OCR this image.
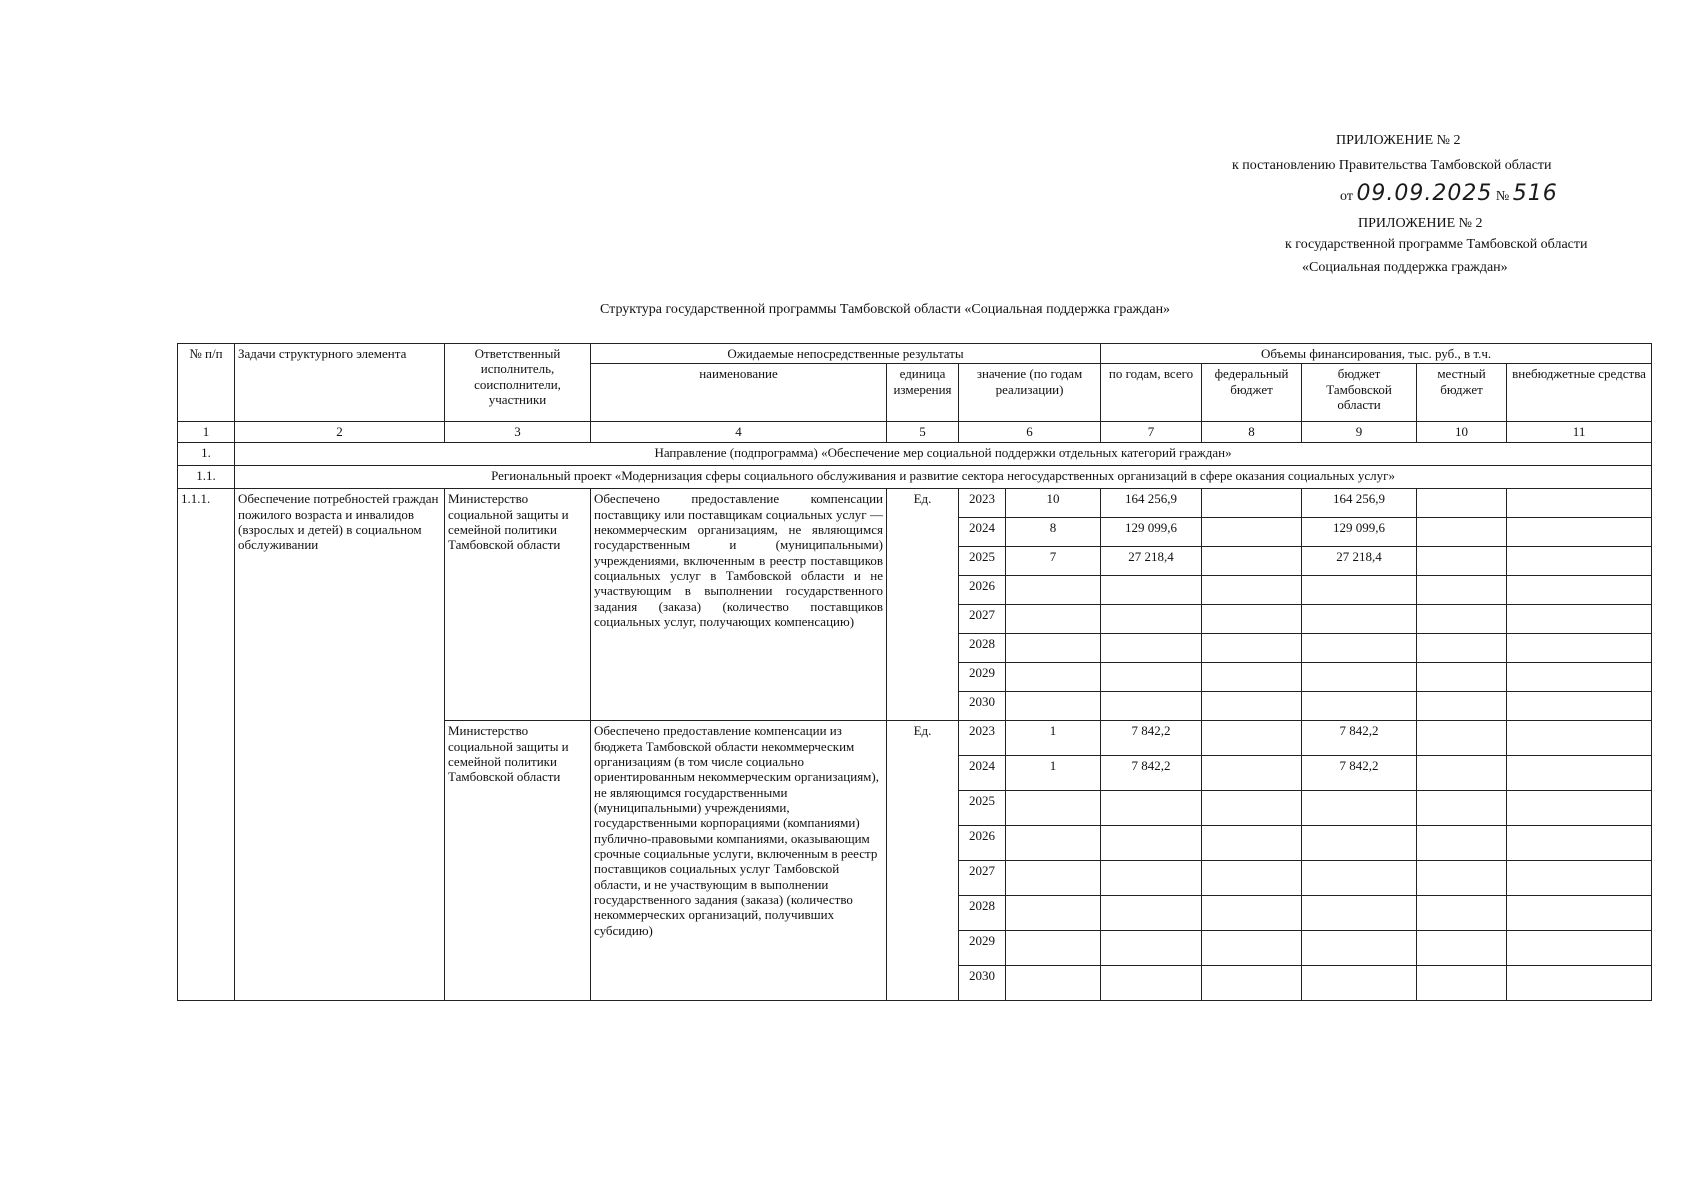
ПРИЛОЖЕНИЕ № 2
к постановлению Правительства Тамбовской области
от 09.09.2025 № 516
ПРИЛОЖЕНИЕ № 2
к государственной программе Тамбовской области
«Социальная поддержка граждан»
Структура государственной программы Тамбовской области «Социальная поддержка граждан»
№ п/п	Задачи структурного элемента	Ответственный исполнитель, соисполнители, участники	Ожидаемые непосредственные результаты				Объемы финансирования, тыс. руб., в т.ч.				
			наименование	единица измерения	значение (по годам реализации)		по годам, всего	федеральный бюджет	бюджет Тамбовской области	местный бюджет	внебюджетные средства
1	2	3	4	5	6		7	8	9	10	11
1.	Направление (подпрограмма) «Обеспечение мер социальной поддержки отдельных категорий граждан»										
1.1.	Региональный проект «Модернизация сферы социального обслуживания и развитие сектора негосударственных организаций в сфере оказания социальных услуг»										
1.1.1.	Обеспечение потребностей граждан пожилого возраста и инвалидов (взрослых и детей) в социальном обслуживании	Министерство социальной защиты и семейной политики Тамбовской области	Обеспечено предоставление компенсации поставщику или поставщикам социальных услуг — некоммерческим организациям, не являющимся государственным и (муниципальными) учреждениями, включенным в реестр поставщиков социальных услуг в Тамбовской области и не участвующим в выполнении государственного задания (заказа) (количество поставщиков социальных услуг, получающих компенсацию)	Ед.	2023	10	164 256,9		164 256,9		
					2024	8	129 099,6		129 099,6		
					2025	7	27 218,4		27 218,4		
					2026						
					2027						
					2028						
					2029						
					2030						
		Министерство социальной защиты и семейной политики Тамбовской области	Обеспечено предоставление компенсации из бюджета Тамбовской области некоммерческим организациям (в том числе социально ориентированным некоммерческим организациям), не являющимся государственными (муниципальными) учреждениями, государственными корпорациями (компаниями) публично-правовыми компаниями, оказывающим срочные социальные услуги, включенным в реестр поставщиков социальных услуг Тамбовской области, и не участвующим в выполнении государственного задания (заказа) (количество некоммерческих организаций, получивших субсидию)	Ед.	2023	1	7 842,2		7 842,2		
					2024	1	7 842,2		7 842,2		
					2025						
					2026						
					2027						
					2028						
					2029						
					2030						
